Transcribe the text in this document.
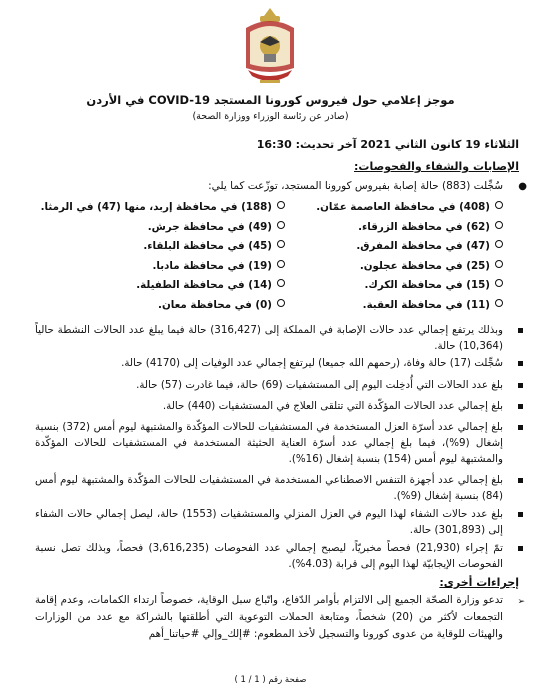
موجز إعلامي حول فيروس كورونا المستجد COVID-19 في الأردن
(صادر عن رئاسة الوزراء ووزارة الصحة)
الثلاثاء 19 كانون الثاني 2021 آخر تحديث: 16:30
الإصابات والشفاء والفحوصات:
●
سُجِّلت (883) حالة إصابة بفيروس كورونا المستجد، توزّعت كما يلي:
(408) في محافظة العاصمة عمّان.
(188) في محافظة إربد، منها (47) في الرمثا.
(62) في محافظة الزرقاء.
(49) في محافظة جرش.
(47) في محافظة المفرق.
(45) في محافظة البلقاء.
(25) في محافظة عجلون.
(19) في محافظة مادبا.
(15) في محافظة الكرك.
(14) في محافظة الطفيلة.
(11) في محافظة العقبة.
(0) في محافظة معان.
وبذلك يرتفع إجمالي عدد حالات الإصابة في المملكة إلى (316,427) حالة فيما يبلغ عدد الحالات النشطة حالياً (10,364) حالة.
سُجِّلت (17) حالة وفاة، (رحمهم الله جميعا) ليرتفع إجمالي عدد الوفيات إلى (4170) حالة.
بلغ عدد الحالات التي أُدخِلت اليوم إلى المستشفيات (69) حالة، فيما غادرت (57) حالة.
بلغ إجمالي عدد الحالات المؤكّدة التي تتلقى العلاج في المستشفيات (440) حالة.
بلغ إجمالي عدد أسرّة العزل المستخدمة في المستشفيات للحالات المؤكّدة والمشتبهة ليوم أمس (372) بنسبة إشغال (9%)، فيما بلغ إجمالي عدد أسرّة العناية الحثيثة المستخدمة في المستشفيات للحالات المؤكّدة والمشتبهة ليوم أمس (154) بنسبة إشغال (16%).
بلغ إجمالي عدد أجهزة التنفس الاصطناعي المستخدمة في المستشفيات للحالات المؤكّدة والمشتبهة ليوم أمس (84) بنسبة إشغال (9%).
بلغ عدد حالات الشفاء لهذا اليوم في العزل المنزلي والمستشفيات (1553) حالة، ليصل إجمالي حالات الشفاء إلى (301,893) حالة.
تمّ إجراء (21,930) فحصاً مخبريّاً، ليصبح إجمالي عدد الفحوصات (3,616,235) فحصاً، وبذلك تصل نسبة الفحوصات الإيجابيّة لهذا اليوم إلى قرابة (4.03%).
إجراءات أخرى:
➢
تدعو وزارة الصحّة الجميع إلى الالتزام بأوامر الدّفاع، واتّباع سبل الوقاية، خصوصاً ارتداء الكمامات، وعدم إقامة التجمعات لأكثر من (20) شخصاً، ومتابعة الحملات التوعوية التي أطلقتها بالشراكة مع عدد من الوزارات والهيئات للوقاية من عدوى كورونا والتسجيل لأخذ المطعوم: #إلك_وإلي #حياتنا_أهم
صفحة رقم ( 1 / 1 )
